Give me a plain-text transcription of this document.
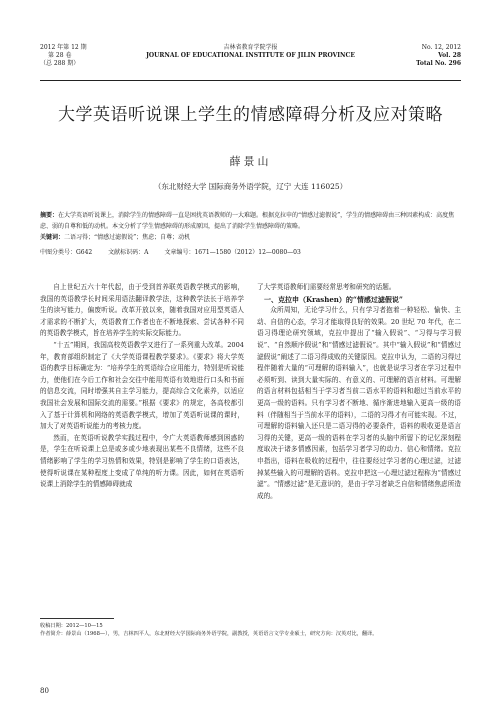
2012 年第 12 期
第 28 卷
（总 288 期）
吉林省教育学院学报
JOURNAL OF EDUCATIONAL INSTITUTE OF JILIN PROVINCE
No. 12, 2012
Vol. 28
Total No. 296
大学英语听说课上学生的情感障碍分析及应对策略
薛景山
（东北财经大学 国际商务外语学院，辽宁 大连 116025）
摘要：在大学英语听说课上，消除学生的情感障碍一直是困扰英语教师的一大难题。根据克拉申的“情感过滤假说”，学生的情感障碍由三种因素构成：高度焦虑、弱的自尊和低的动机。本文分析了学生情感障碍的形成原因，提出了消除学生情感障碍的策略。
关键词：二语习得；“情感过滤假说”；焦虑；自尊；动机
中图分类号：G642	文献标识码：A	文章编号：1671—1580（2012）12—0080—03

自上世纪五六十年代起，由于受到首养联英语教学模式的影响，我国的英语教学长时间采用语法翻译教学法，这种教学法长于培养学生的读写能力，偏废听说。改革开放以来，随着我国对应用型英语人才需求的不断扩大，英语教育工作者也在不断地探索、尝试各种不同的英语教学模式，旨在培养学生的实际交际能力。

“十五”期间，我国高校英语教学又进行了一系列重大改革。2004 年，教育部组织制定了《大学英语课程教学要求》。《要求》将大学英语的教学目标确定为：“培养学生的英语综合应用能力，特别是听说能力，使他们在今后工作和社会交往中能用英语有效地进行口头和书面的信息交流，同时增强其自主学习能力，提高综合文化素养，以适应我国社会发展和国际交流的需要。”根据《要求》的规定，各高校都引入了基于计算机和网络的英语教学模式，增加了英语听说课的课时，加大了对英语听说能力的考核力度。

然而，在英语听说教学实践过程中，令广大英语教师感到困惑的是，学生在听说课上总是或多或少地表现出某些不良情绪，这些不良情绪影响了学生的学习热情和效果，特别是影响了学生的口语表达，使得听说课在某种程度上变成了单纯的听力课。因此，如何在英语听说课上消除学生的情感障碍就成

了大学英语教师们需要经常思考和研究的话题。

一、克拉申（Krashen）的“情感过滤假说”

众所周知，无论学习什么，只有学习者抱着一种轻松、愉快、主动、自信的心态，学习才能取得良好的效果。20 世纪 70 年代，在二语习得理论研究领域，克拉申提出了“输入假说”、“习得与学习假说”、“自然顺序假说”和“情感过滤假说”。其中“输入假说”和“情感过滤假说”阐述了二语习得成败的关键原因。克拉申认为，二语的习得过程伴随着大量的“可理解的语料输入”，也就是说学习者在学习过程中必须听到、读到大量实际的、有意义的、可理解的语言材料。可理解的语言材料包括相当于学习者当前二语水平的语料和超过当前水平的更高一级的语料。只有学习者不断地、循序渐进地输入更高一级的语料（伴随相当于当前水平的语料），二语的习得才有可能实现。不过，可理解的语料输入还只是二语习得的必要条件，语料的吸收更是语言习得的关键，更高一级的语料在学习者的头脑中所留下的记忆深刻程度取决于诸多情感因素，包括学习者学习的动力、信心和情绪。克拉申指出，语料在吸收的过程中，往往要经过学习者的心理过滤，过滤掉某些输入的可理解的语料。克拉申把这一心理过滤过程称为“情感过滤”。“情感过滤”是无意识的，是由于学习者缺乏自信和情绪焦虑所造成的。

收稿日期：2012—10—15
作者简介：薛景山（1968—），男，吉林四平人，东北财经大学国际商务外语学院，副教授，英语语言文学专业硕士，研究方向：汉英对比，翻译。
80
